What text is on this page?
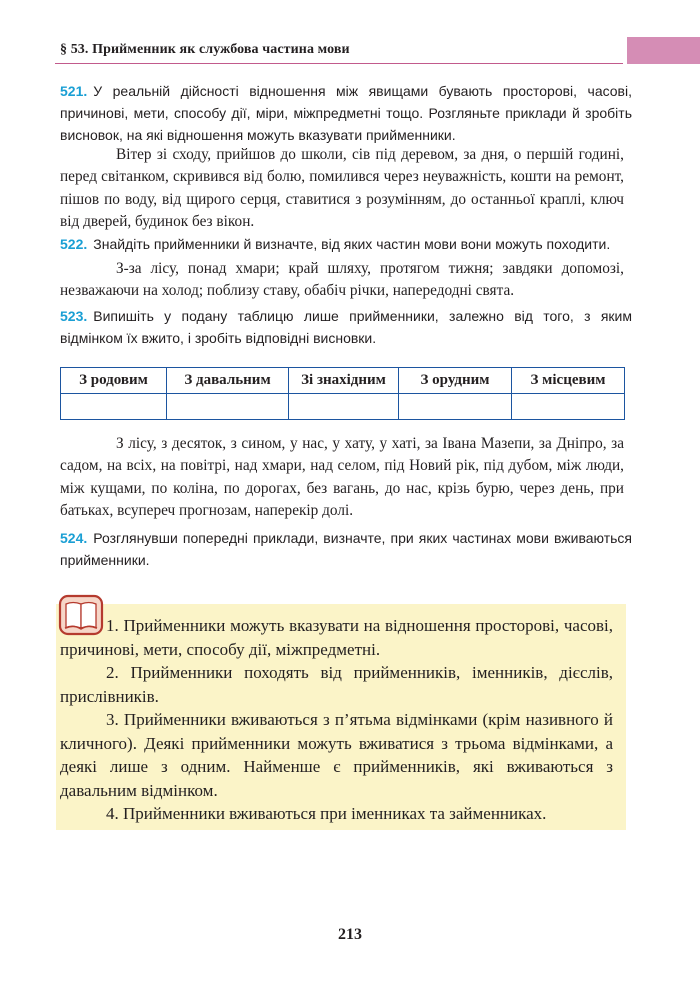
§ 53. Прийменник як службова частина мови

521. У реальній дійсності відношення між явищами бувають просторові, часові, причинові, мети, способу дії, міри, міжпредметні тощо. Розгляньте приклади й зробіть висновок, на які відношення можуть вказувати прийменники.

Вітер зі сходу, прийшов до школи, сів під деревом, за дня, о першій годині, перед світанком, скривився від болю, помилився через неуважність, кошти на ремонт, пішов по воду, від щирого серця, ставитися з розумінням, до останньої краплі, ключ від дверей, будинок без вікон.

522. Знайдіть прийменники й визначте, від яких частин мови вони можуть походити.

З-за лісу, понад хмари; край шляху, протягом тижня; завдяки допомозі, незважаючи на холод; поблизу ставу, обабіч річки, напередодні свята.

523. Випишіть у подану таблицю лише прийменники, залежно від того, з яким відмінком їх вжито, і зробіть відповідні висновки.

З родовим	З давальним	Зі знахідним	З орудним	З місцевим

З лісу, з десяток, з сином, у нас, у хату, у хаті, за Івана Мазепи, за Дніпро, за садом, на всіх, на повітрі, над хмари, над селом, під Новий рік, під дубом, між люди, між кущами, по коліна, по дорогах, без вагань, до нас, крізь бурю, через день, при батьках, всупереч прогнозам, наперекір долі.

524. Розглянувши попередні приклади, визначте, при яких частинах мови вживаються прийменники.

1. Прийменники можуть вказувати на відношення просторові, часові, причинові, мети, способу дії, міжпредметні.

2. Прийменники походять від прийменників, іменників, дієслів, прислівників.

3. Прийменники вживаються з п’ятьма відмінками (крім називного й кличного). Деякі прийменники можуть вживатися з трьома відмінками, а деякі лише з одним. Найменше є прийменників, які вживаються з давальним відмінком.

4. Прийменники вживаються при іменниках та займенниках.

213
